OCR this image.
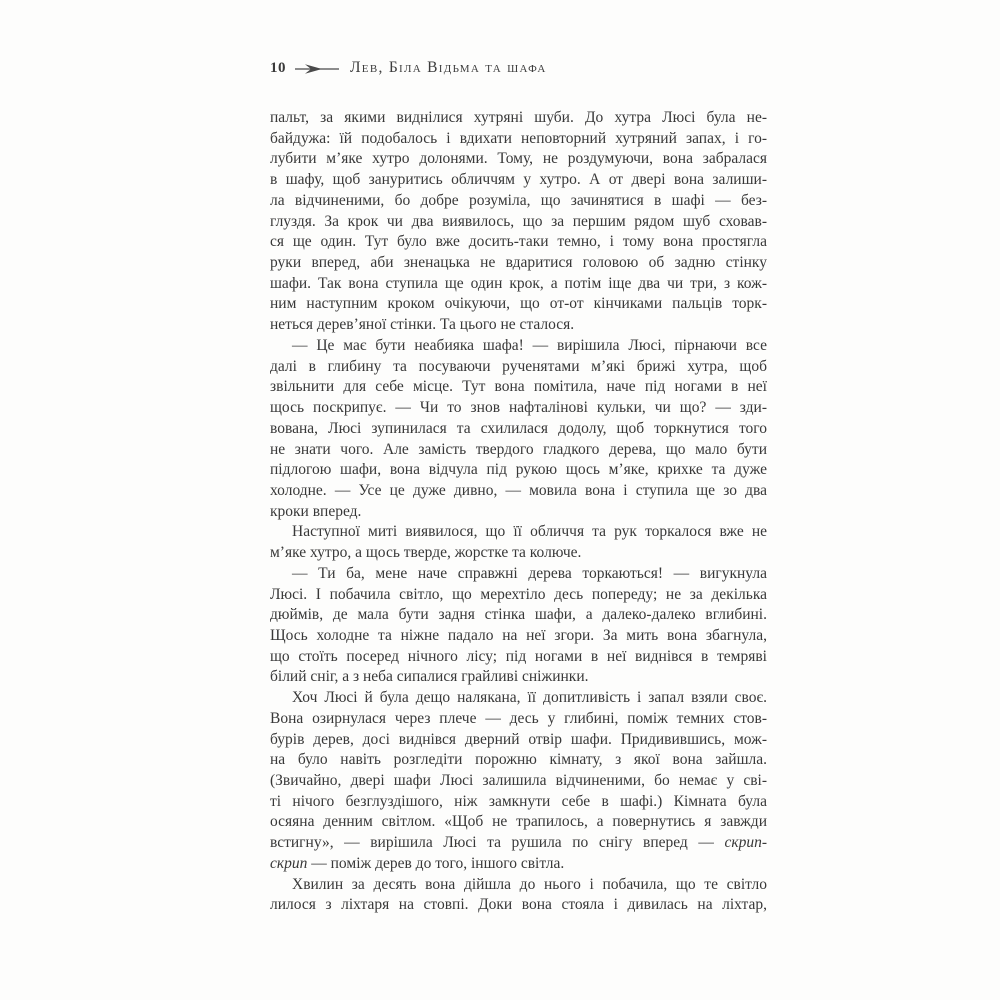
10	Лев, Біла Відьма та шафа
пальт, за якими виднілися хутряні шуби. До хутра Люсі була не-
байдужа: їй подобалось і вдихати неповторний хутряний запах, і го-
лубити м’яке хутро долонями. Тому, не роздумуючи, вона забралася
в шафу, щоб зануритись обличчям у хутро. А от двері вона залиши-
ла відчиненими, бо добре розуміла, що зачинятися в шафі — без-
глуздя. За крок чи два виявилось, що за першим рядом шуб сховав-
ся ще один. Тут було вже досить-таки темно, і тому вона простягла
руки вперед, аби зненацька не вдаритися головою об задню стінку
шафи. Так вона ступила ще один крок, а потім іще два чи три, з кож-
ним наступним кроком очікуючи, що от-от кінчиками пальців торк-
неться дерев’яної стінки. Та цього не сталося.
— Це має бути неабияка шафа! — вирішила Люсі, пірнаючи все
далі в глибину та посуваючи рученятами м’які брижі хутра, щоб
звільнити для себе місце. Тут вона помітила, наче під ногами в неї
щось поскрипує. — Чи то знов нафталінові кульки, чи що? — зди-
вована, Люсі зупинилася та схилилася додолу, щоб торкнутися того
не знати чого. Але замість твердого гладкого дерева, що мало бути
підлогою шафи, вона відчула під рукою щось м’яке, крихке та дуже
холодне. — Усе це дуже дивно, — мовила вона і ступила ще зо два
кроки вперед.
Наступної миті виявилося, що її обличчя та рук торкалося вже не
м’яке хутро, а щось тверде, жорстке та колюче.
— Ти ба, мене наче справжні дерева торкаються! — вигукнула
Люсі. І побачила світло, що мерехтіло десь попереду; не за декілька
дюймів, де мала бути задня стінка шафи, а далеко-далеко вглибині.
Щось холодне та ніжне падало на неї згори. За мить вона збагнула,
що стоїть посеред нічного лісу; під ногами в неї виднівся в темряві
білий сніг, а з неба сипалися грайливі сніжинки.
Хоч Люсі й була дещо налякана, її допитливість і запал взяли своє.
Вона озирнулася через плече — десь у глибині, поміж темних стов-
бурів дерев, досі виднівся дверний отвір шафи. Придивившись, мож-
на було навіть розгледіти порожню кімнату, з якої вона зайшла.
(Звичайно, двері шафи Люсі залишила відчиненими, бо немає у сві-
ті нічого безглуздішого, ніж замкнути себе в шафі.) Кімната була
осяяна денним світлом. «Щоб не трапилось, а повернутись я завжди
встигну», — вирішила Люсі та рушила по снігу вперед — скрип-
скрип — поміж дерев до того, іншого світла.
Хвилин за десять вона дійшла до нього і побачила, що те світло
лилося з ліхтаря на стовпі. Доки вона стояла і дивилась на ліхтар,
